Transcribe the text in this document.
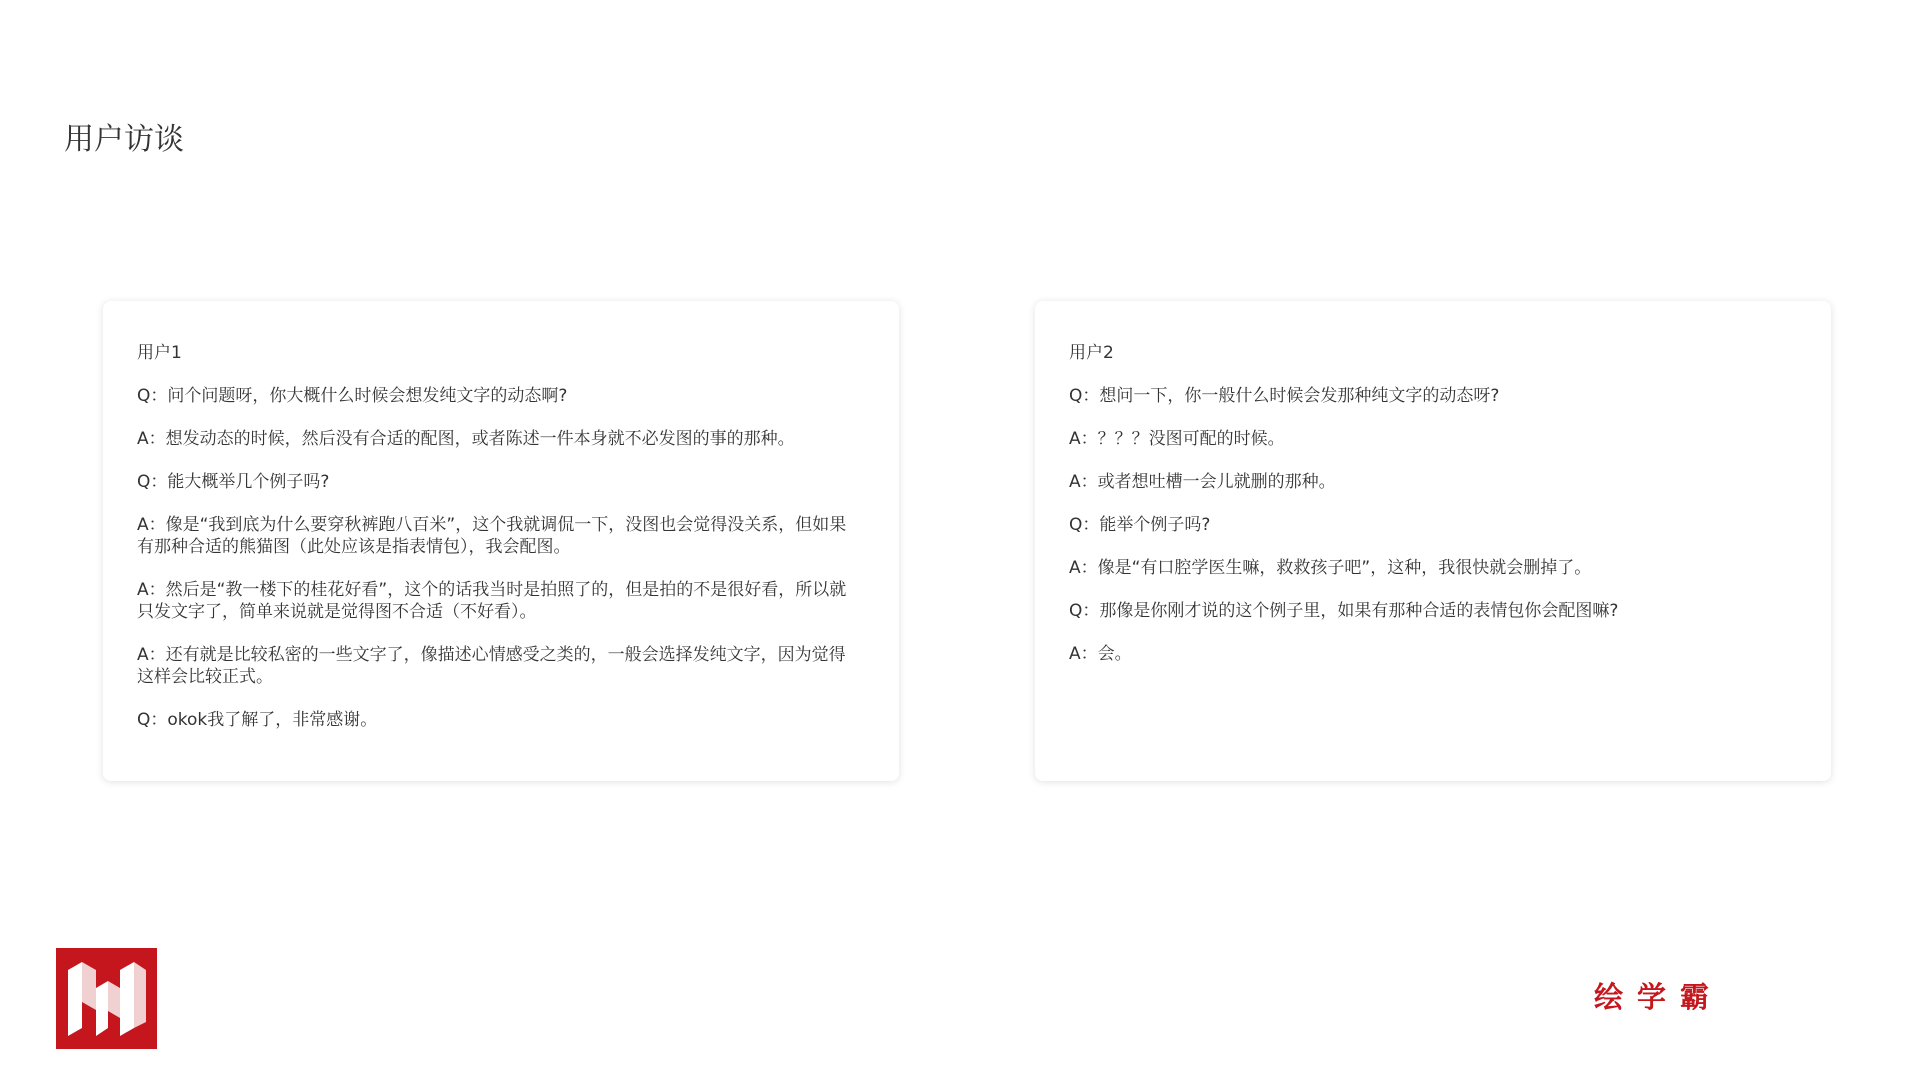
用户访谈
用户1
Q：问个问题呀，你大概什么时候会想发纯文字的动态啊?
A：想发动态的时候，然后没有合适的配图，或者陈述一件本身就不必发图的事的那种。
Q：能大概举几个例子吗?
A：像是“我到底为什么要穿秋裤跑八百米”，这个我就调侃一下，没图也会觉得没关系，但如果有那种合适的熊猫图（此处应该是指表情包），我会配图。
A：然后是“教一楼下的桂花好看”，这个的话我当时是拍照了的，但是拍的不是很好看，所以就只发文字了，简单来说就是觉得图不合适（不好看）。
A：还有就是比较私密的一些文字了，像描述心情感受之类的，一般会选择发纯文字，因为觉得这样会比较正式。
Q：okok我了解了，非常感谢。
用户2
Q：想问一下，你一般什么时候会发那种纯文字的动态呀?
A：？？？没图可配的时候。
A：或者想吐槽一会儿就删的那种。
Q：能举个例子吗?
A：像是“有口腔学医生嘛，救救孩子吧”，这种，我很快就会删掉了。
Q：那像是你刚才说的这个例子里，如果有那种合适的表情包你会配图嘛?
A：会。
绘学霸
